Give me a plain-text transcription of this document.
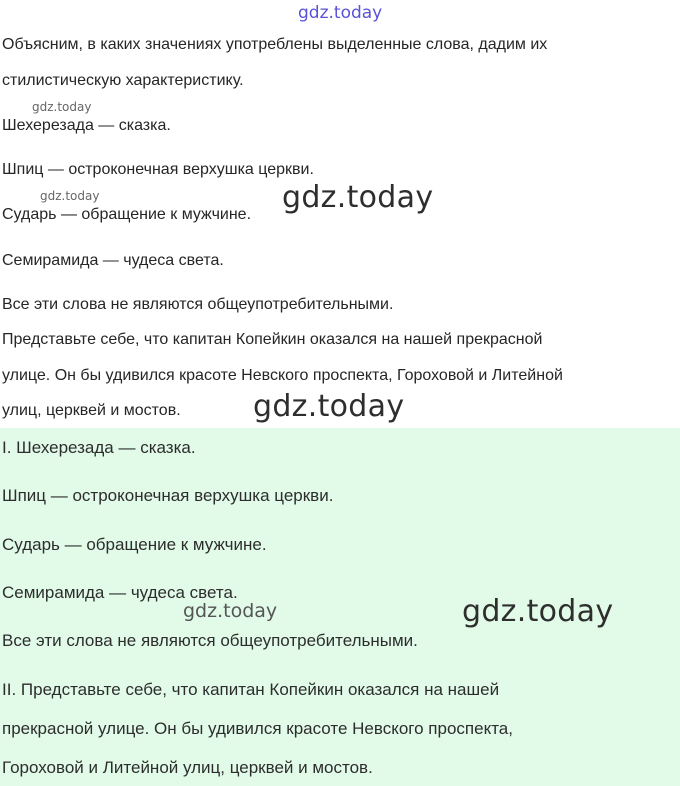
gdz.today
Объясним, в каких значениях употреблены выделенные слова, дадим их
стилистическую характеристику.
Шехерезада — сказка.
Шпиц — остроконечная верхушка церкви.
Сударь — обращение к мужчине.
Семирамида — чудеса света.
Все эти слова не являются общеупотребительными.
Представьте себе, что капитан Копейкин оказался на нашей прекрасной
улице. Он бы удивился красоте Невского проспекта, Гороховой и Литейной
улиц, церквей и мостов.
gdz.today
gdz.today	gdz.today
gdz.today
I. Шехерезада — сказка.
Шпиц — остроконечная верхушка церкви.
Сударь — обращение к мужчине.
Семирамида — чудеса света.
Все эти слова не являются общеупотребительными.
II. Представьте себе, что капитан Копейкин оказался на нашей
прекрасной улице. Он бы удивился красоте Невского проспекта,
Гороховой и Литейной улиц, церквей и мостов.
gdz.today	gdz.today
